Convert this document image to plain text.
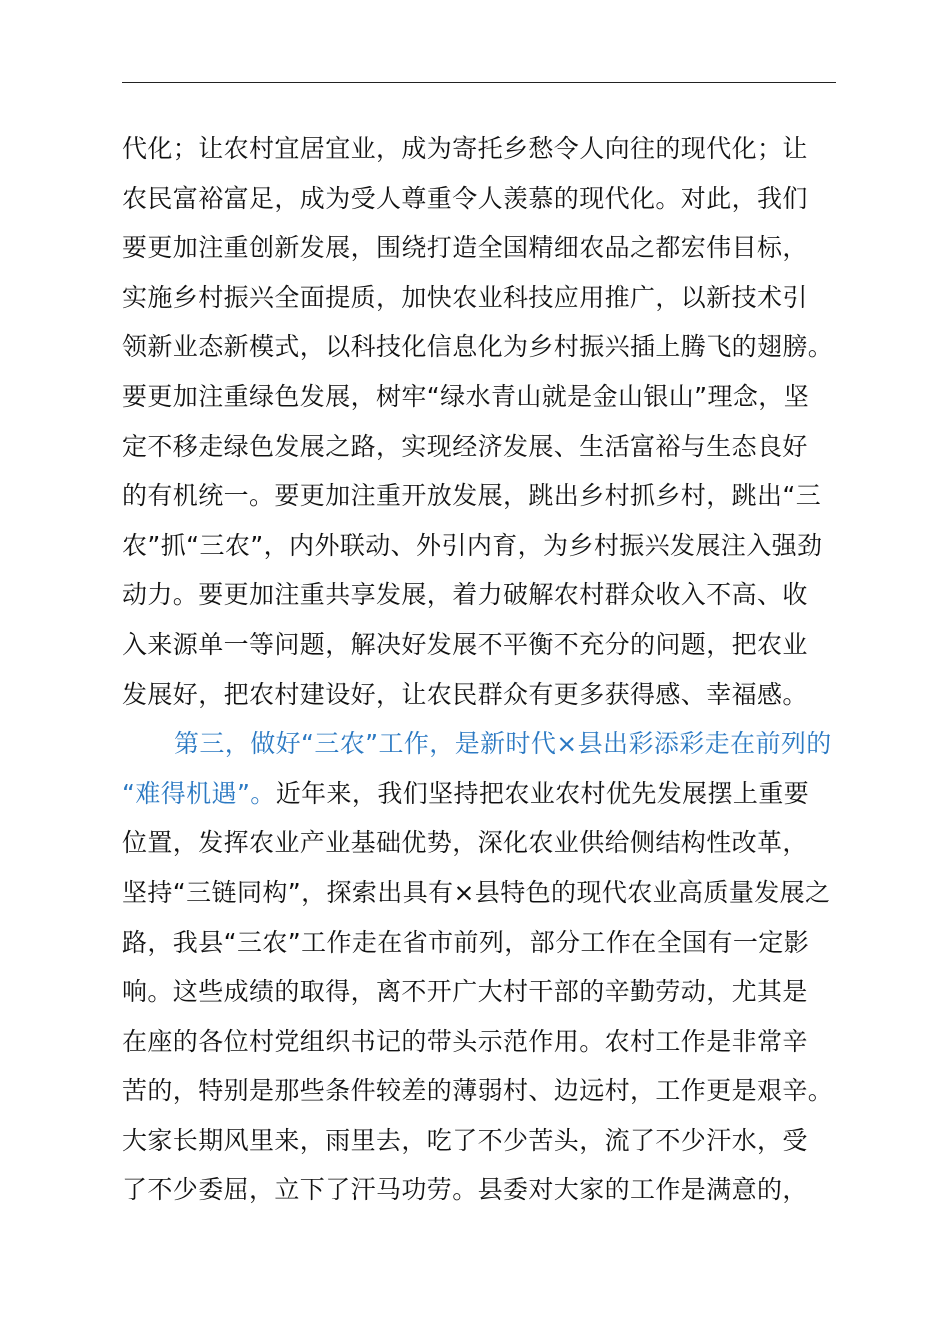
代化；让农村宜居宜业，成为寄托乡愁令人向往的现代化；让
农民富裕富足，成为受人尊重令人羡慕的现代化。对此，我们
要更加注重创新发展，围绕打造全国精细农品之都宏伟目标，
实施乡村振兴全面提质，加快农业科技应用推广，以新技术引
领新业态新模式，以科技化信息化为乡村振兴插上腾飞的翅膀。
要更加注重绿色发展，树牢“绿水青山就是金山银山”理念，坚
定不移走绿色发展之路，实现经济发展、生活富裕与生态良好
的有机统一。要更加注重开放发展，跳出乡村抓乡村，跳出“三
农”抓“三农”，内外联动、外引内育，为乡村振兴发展注入强劲
动力。要更加注重共享发展，着力破解农村群众收入不高、收
入来源单一等问题，解决好发展不平衡不充分的问题，把农业
发展好，把农村建设好，让农民群众有更多获得感、幸福感。
第三，做好“三农”工作，是新时代×县出彩添彩走在前列的
“难得机遇”。近年来，我们坚持把农业农村优先发展摆上重要
位置，发挥农业产业基础优势，深化农业供给侧结构性改革，
坚持“三链同构”，探索出具有×县特色的现代农业高质量发展之
路，我县“三农”工作走在省市前列，部分工作在全国有一定影
响。这些成绩的取得，离不开广大村干部的辛勤劳动，尤其是
在座的各位村党组织书记的带头示范作用。农村工作是非常辛
苦的，特别是那些条件较差的薄弱村、边远村，工作更是艰辛。
大家长期风里来，雨里去，吃了不少苦头，流了不少汗水，受
了不少委屈，立下了汗马功劳。县委对大家的工作是满意的，
